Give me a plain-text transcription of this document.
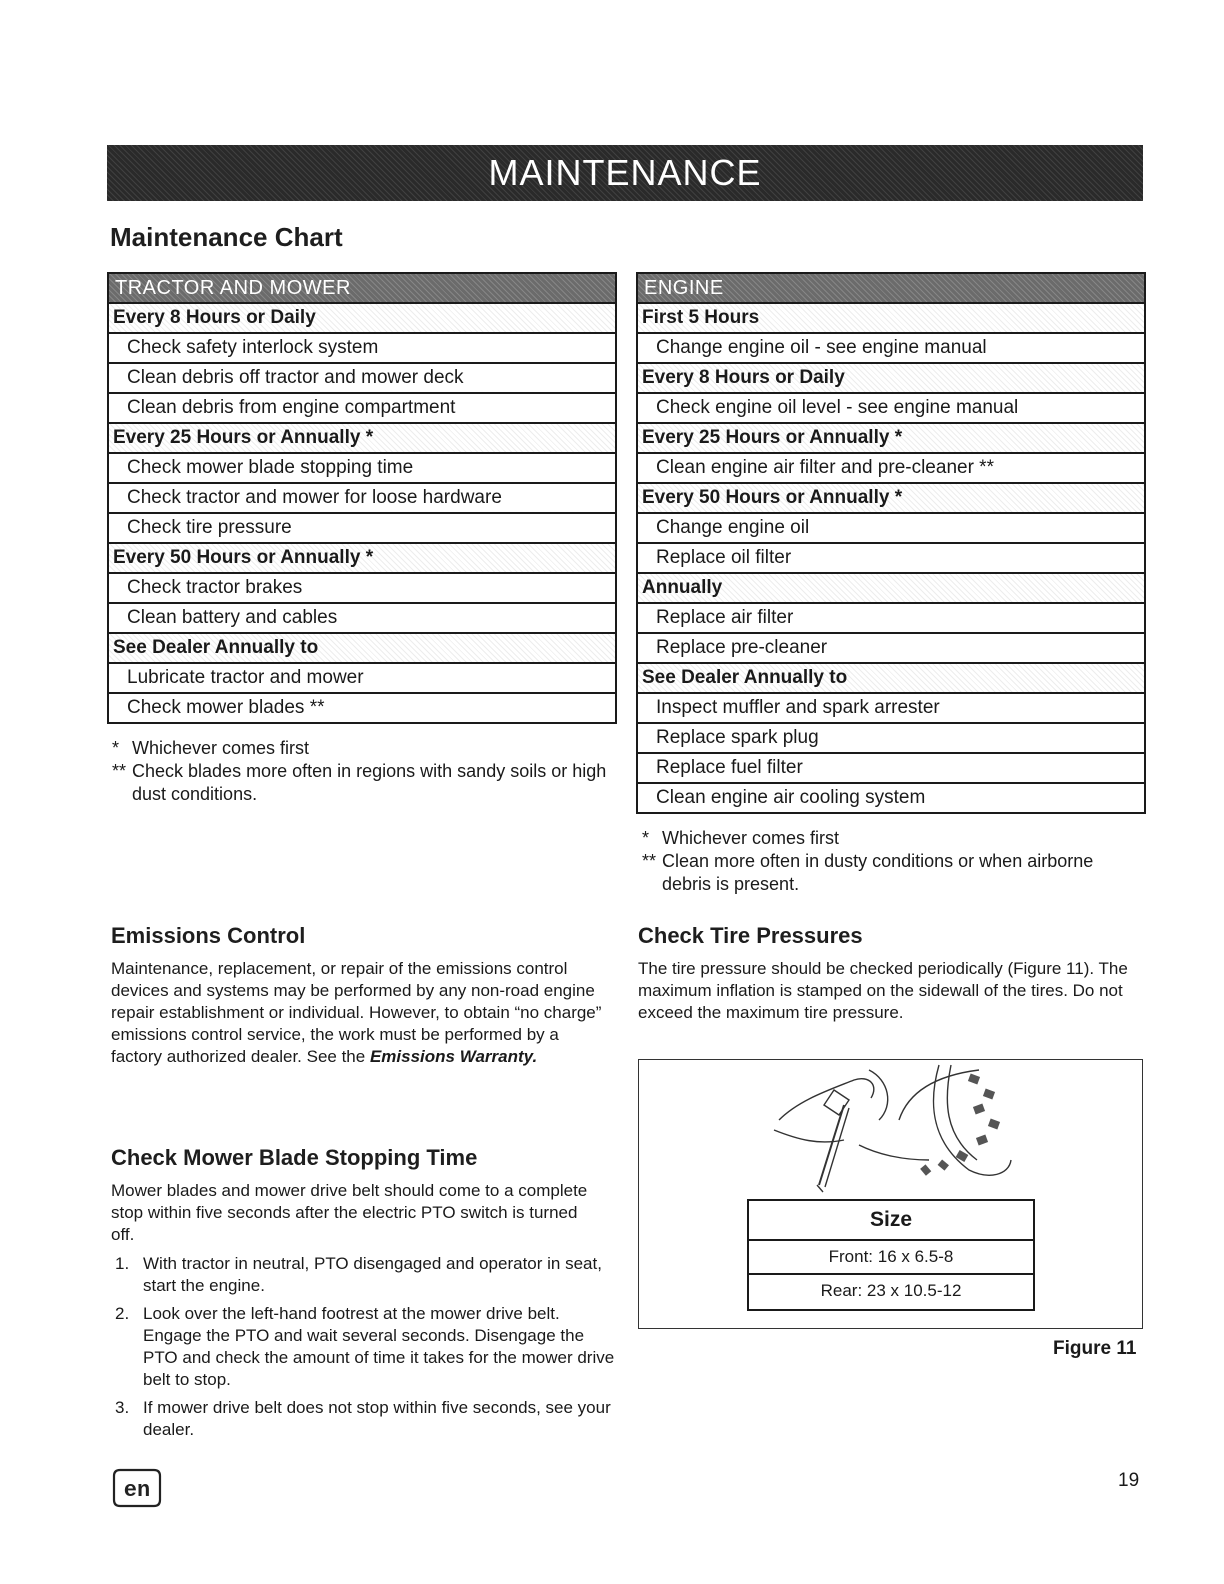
MAINTENANCE
Maintenance Chart
TRACTOR AND MOWER
Every 8 Hours or Daily
Check safety interlock system
Clean debris off tractor and mower deck
Clean debris from engine compartment
Every 25 Hours or Annually *
Check mower blade stopping time
Check tractor and mower for loose hardware
Check tire pressure
Every 50 Hours or Annually *
Check tractor brakes
Clean battery and cables
See Dealer Annually to
Lubricate tractor and mower
Check mower blades **
* Whichever comes first
** Check blades more often in regions with sandy soils or high dust conditions.
ENGINE
First 5 Hours
Change engine oil - see engine manual
Every 8 Hours or Daily
Check engine oil level - see engine manual
Every 25 Hours or Annually *
Clean engine air filter and pre-cleaner **
Every 50 Hours or Annually *
Change engine oil
Replace oil filter
Annually
Replace air filter
Replace pre-cleaner
See Dealer Annually to
Inspect muffler and spark arrester
Replace spark plug
Replace fuel filter
Clean engine air cooling system
* Whichever comes first
** Clean more often in dusty conditions or when airborne debris is present.
Emissions Control

Maintenance, replacement, or repair of the emissions control devices and systems may be performed by any non-road engine repair establishment or individual. However, to obtain “no charge” emissions control service, the work must be performed by a factory authorized dealer. See the Emissions Warranty.

Check Mower Blade Stopping Time

Mower blades and mower drive belt should come to a complete stop within five seconds after the electric PTO switch is turned off.

1. With tractor in neutral, PTO disengaged and operator in seat, start the engine.
2. Look over the left-hand footrest at the mower drive belt. Engage the PTO and wait several seconds. Disengage the PTO and check the amount of time it takes for the mower drive belt to stop.
3. If mower drive belt does not stop within five seconds, see your dealer.
Check Tire Pressures

The tire pressure should be checked periodically (Figure 11). The maximum inflation is stamped on the sidewall of the tires. Do not exceed the maximum tire pressure.

Size
Front: 16 x 6.5-8
Rear: 23 x 10.5-12
Figure 11
en	19
